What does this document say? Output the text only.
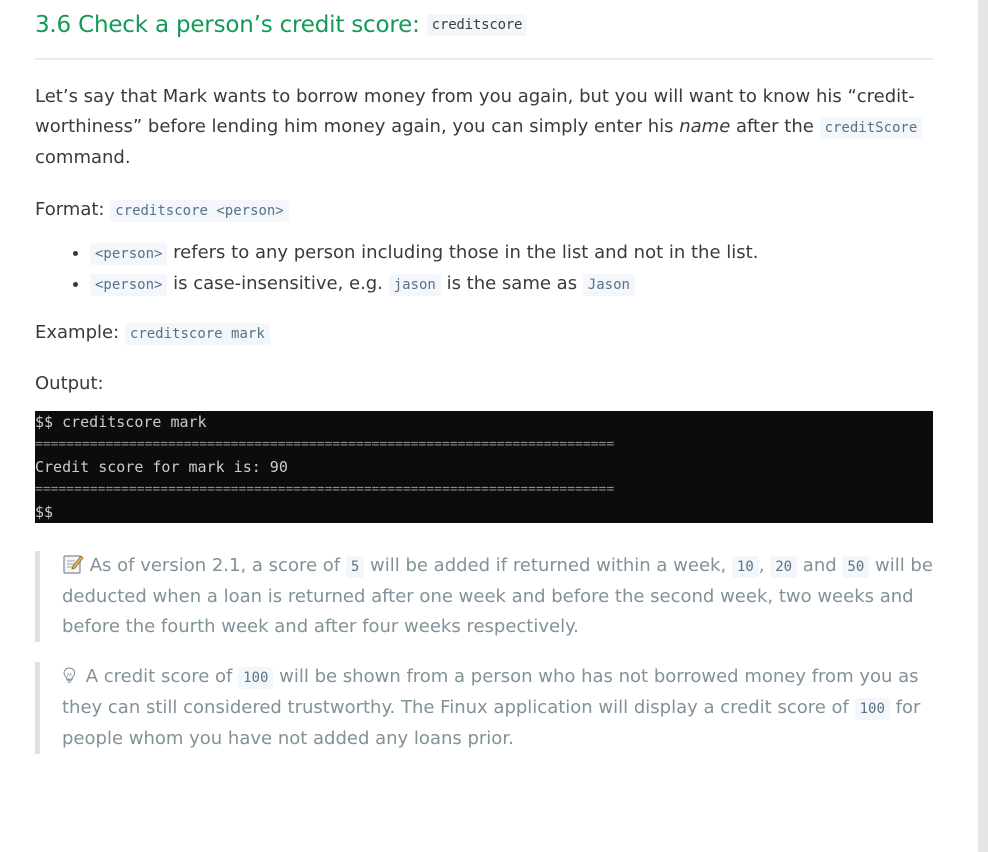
3.6 Check a person’s credit score: creditscore

Let’s say that Mark wants to borrow money from you again, but you will want to know his “credit-worthiness” before lending him money again, you can simply enter his name after the creditScore command.

Format: creditscore <person>

• <person> refers to any person including those in the list and not in the list.
• <person> is case-insensitive, e.g. jason is the same as Jason

Example: creditscore mark

Output:

$$ creditscore mark
==========================================================================
Credit score for mark is: 90
==========================================================================
$$

As of version 2.1, a score of 5 will be added if returned within a week, 10 , 20 and 50 will be deducted when a loan is returned after one week and before the second week, two weeks and before the fourth week and after four weeks respectively.

A credit score of 100 will be shown from a person who has not borrowed money from you as they can still considered trustworthy. The Finux application will display a credit score of 100 for people whom you have not added any loans prior.
